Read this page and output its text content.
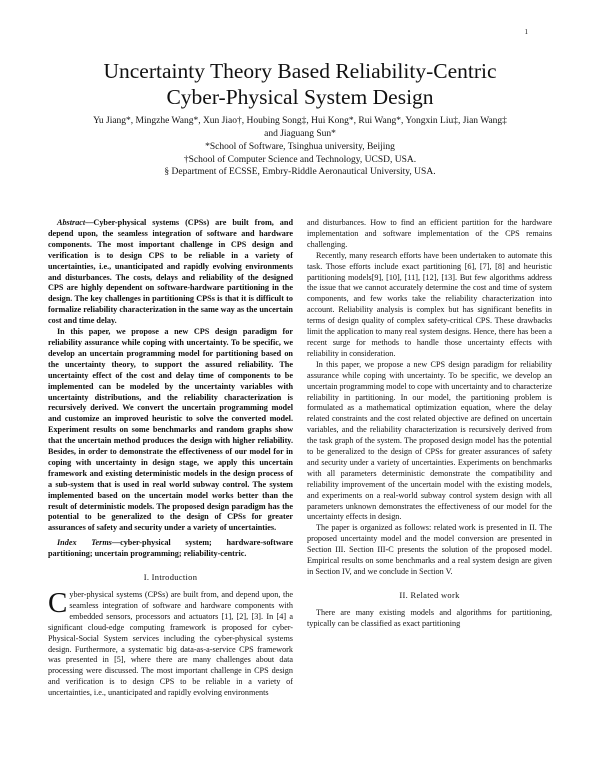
1
Uncertainty Theory Based Reliability-Centric
Cyber-Physical System Design
Yu Jiang*, Mingzhe Wang*, Xun Jiao†, Houbing Song‡, Hui Kong*, Rui Wang*, Yongxin Liu‡, Jian Wang‡
and Jiaguang Sun*
*School of Software, Tsinghua university, Beijing
†School of Computer Science and Technology, UCSD, USA.
§ Department of ECSSE, Embry-Riddle Aeronautical University, USA.

Abstract—Cyber-physical systems (CPSs) are built from, and depend upon, the seamless integration of software and hardware components. The most important challenge in CPS design and verification is to design CPS to be reliable in a variety of uncertainties, i.e., unanticipated and rapidly evolving environments and disturbances. The costs, delays and reliability of the designed CPS are highly dependent on software-hardware partitioning in the design. The key challenges in partitioning CPSs is that it is difficult to formalize reliability characterization in the same way as the uncertain cost and time delay.

In this paper, we propose a new CPS design paradigm for reliability assurance while coping with uncertainty. To be specific, we develop an uncertain programming model for partitioning based on the uncertainty theory, to support the assured reliability. The uncertainty effect of the cost and delay time of components to be implemented can be modeled by the uncertainty variables with uncertainty distributions, and the reliability characterization is recursively derived. We convert the uncertain programming model and customize an improved heuristic to solve the converted model. Experiment results on some benchmarks and random graphs show that the uncertain method produces the design with higher reliability. Besides, in order to demonstrate the effectiveness of our model for in coping with uncertainty in design stage, we apply this uncertain framework and existing deterministic models in the design process of a sub-system that is used in real world subway control. The system implemented based on the uncertain model works better than the result of deterministic models. The proposed design paradigm has the potential to be generalized to the design of CPSs for greater assurances of safety and security under a variety of uncertainties.

Index Terms—cyber-physical system; hardware-software partitioning; uncertain programming; reliability-centric.

I. Introduction

Cyber-physical systems (CPSs) are built from, and depend upon, the seamless integration of software and hardware components with embedded sensors, processors and actuators [1], [2], [3]. In [4] a significant cloud-edge computing framework is proposed for cyber-Physical-Social System services including the cyber-physical systems design. Furthermore, a systematic big data-as-a-service CPS framework was presented in [5], where there are many challenges about data processing were discussed. The most important challenge in CPS design and verification is to design CPS to be reliable in a variety of uncertainties, i.e., unanticipated and rapidly evolving environments

and disturbances. How to find an efficient partition for the hardware implementation and software implementation of the CPS remains challenging.

Recently, many research efforts have been undertaken to automate this task. Those efforts include exact partitioning [6], [7], [8] and heuristic partitioning models[9], [10], [11], [12], [13]. But few algorithms address the issue that we cannot accurately determine the cost and time of system components, and few works take the reliability characterization into account. Reliability analysis is complex but has significant benefits in terms of design quality of complex safety-critical CPS. These drawbacks limit the application to many real system designs. Hence, there has been a recent surge for methods to handle those uncertainty effects with reliability in consideration.

In this paper, we propose a new CPS design paradigm for reliability assurance while coping with uncertainty. To be specific, we develop an uncertain programming model to cope with uncertainty and to characterize reliability in partitioning. In our model, the partitioning problem is formulated as a mathematical optimization equation, where the delay related constraints and the cost related objective are defined on uncertain variables, and the reliability characterization is recursively derived from the task graph of the system. The proposed design model has the potential to be generalized to the design of CPSs for greater assurances of safety and security under a variety of uncertainties. Experiments on benchmarks with all parameters deterministic demonstrate the compatibility and reliability improvement of the uncertain model with the existing models, and experiments on a real-world subway control system design with all parameters unknown demonstrates the effectiveness of our model for the uncertainty effects in design.

The paper is organized as follows: related work is presented in II. The proposed uncertainty model and the model conversion are presented in Section III. Section III-C presents the solution of the proposed model. Empirical results on some benchmarks and a real system design are given in Section IV, and we conclude in Section V.

II. Related work

There are many existing models and algorithms for partitioning, typically can be classified as exact partitioning
